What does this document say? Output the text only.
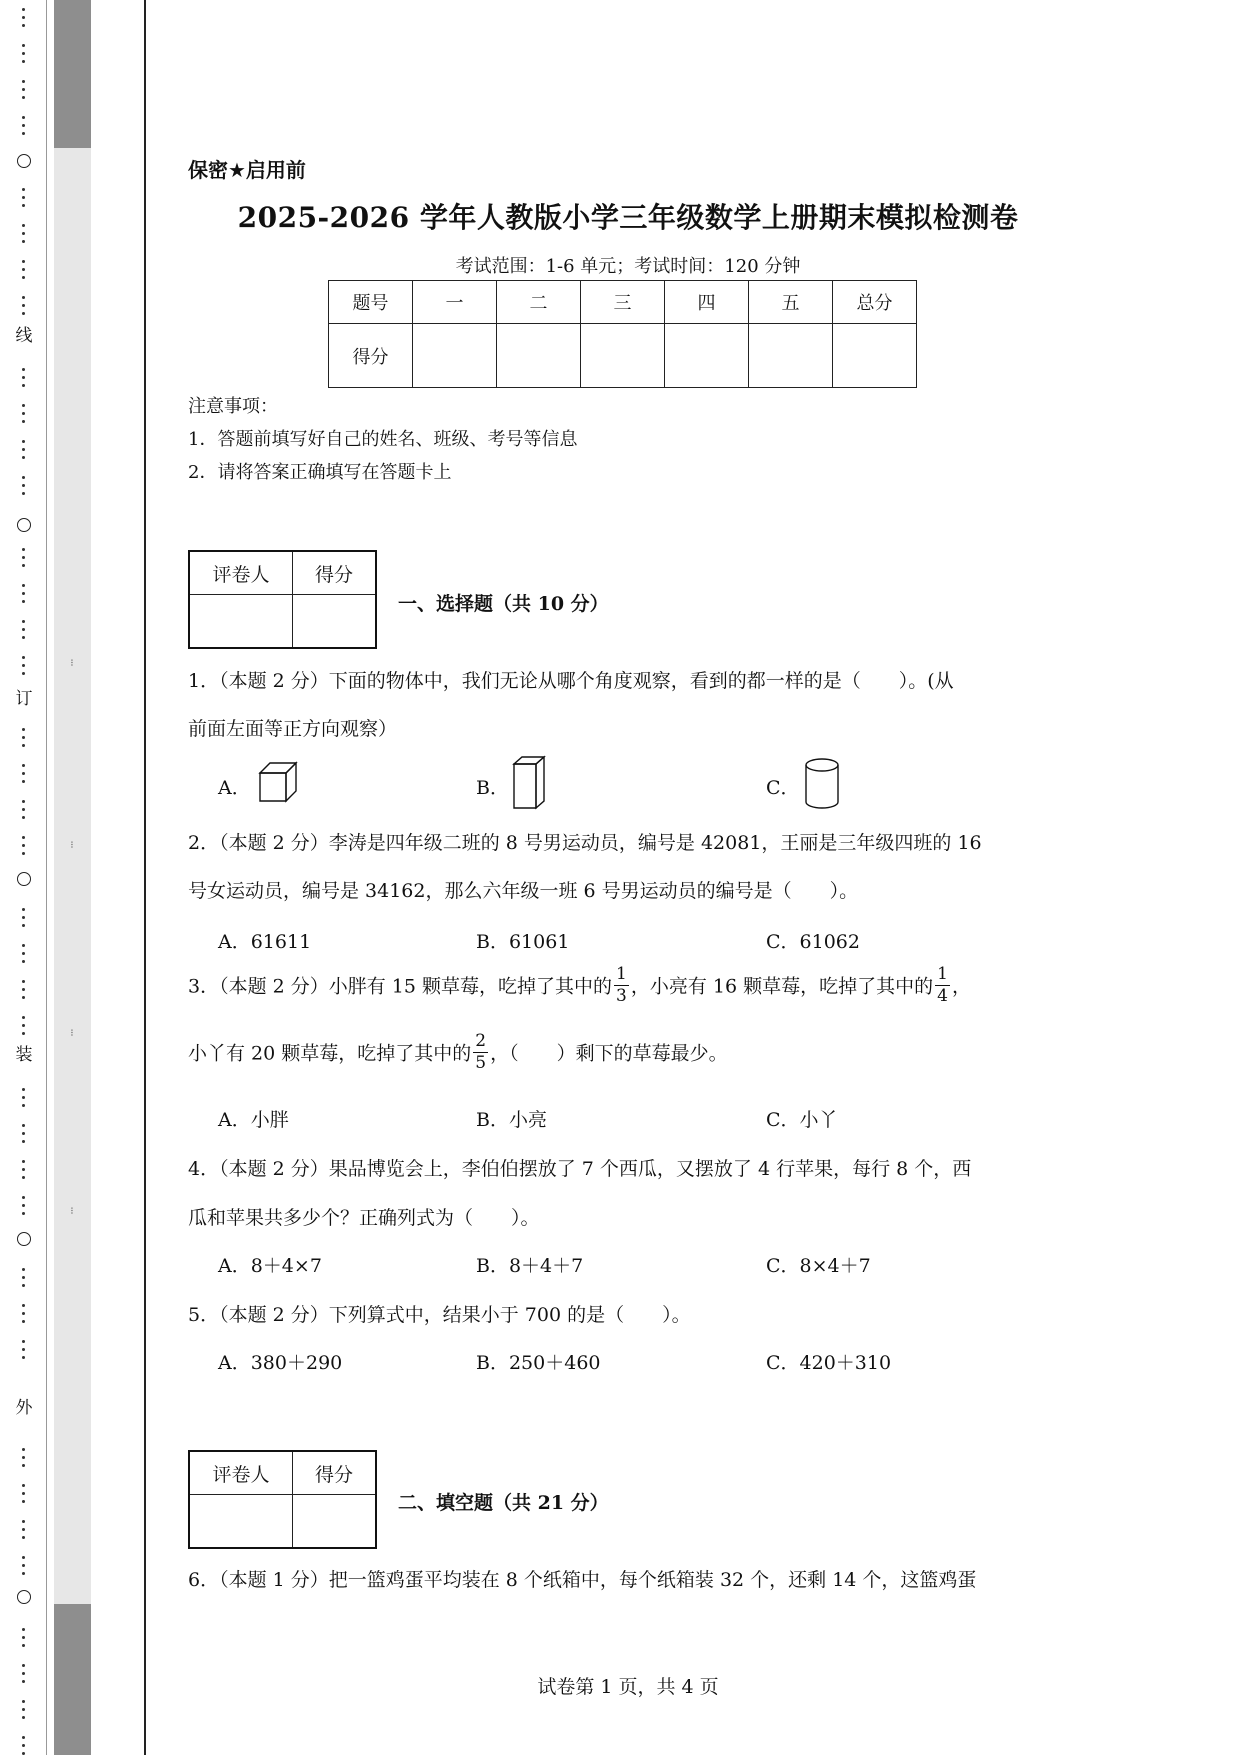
线
订
装
外
⁝
⁝
⁝
⁝
保密★启用前
2025-2026 学年人教版小学三年级数学上册期末模拟检测卷
考试范围：1-6 单元；考试时间：120 分钟
题号	一	二	三	四	五	总分
得分						
注意事项：
1．答题前填写好自己的姓名、班级、考号等信息
2．请将答案正确填写在答题卡上
评卷人	得分

一、选择题（共 10 分）
1．（本题 2 分）下面的物体中，我们无论从哪个角度观察，看到的都一样的是（　　）。(从
前面左面等正方向观察）
A．	B．	C．
2．（本题 2 分）李涛是四年级二班的 8 号男运动员，编号是 42081，王丽是三年级四班的 16
号女运动员，编号是 34162，那么六年级一班 6 号男运动员的编号是（　　）。
A．61611	B．61061	C．61062
3．（本题 2 分）小胖有 15 颗草莓，吃掉了其中的 $\frac{1}{3}$ ，小亮有 16 颗草莓，吃掉了其中的 $\frac{1}{4}$ ，
小丫有 20 颗草莓，吃掉了其中的 $\frac{2}{5}$ ，（　　）剩下的草莓最少。
A．小胖	B．小亮	C．小丫
4．（本题 2 分）果品博览会上，李伯伯摆放了 7 个西瓜，又摆放了 4 行苹果，每行 8 个，西
瓜和苹果共多少个？正确列式为（　　）。
A．8＋4×7	B．8＋4＋7	C．8×4＋7
5．（本题 2 分）下列算式中，结果小于 700 的是（　　）。
A．380＋290	B．250＋460	C．420＋310
评卷人	得分

二、填空题（共 21 分）
6．（本题 1 分）把一篮鸡蛋平均装在 8 个纸箱中，每个纸箱装 32 个，还剩 14 个，这篮鸡蛋
试卷第 1 页，共 4 页
